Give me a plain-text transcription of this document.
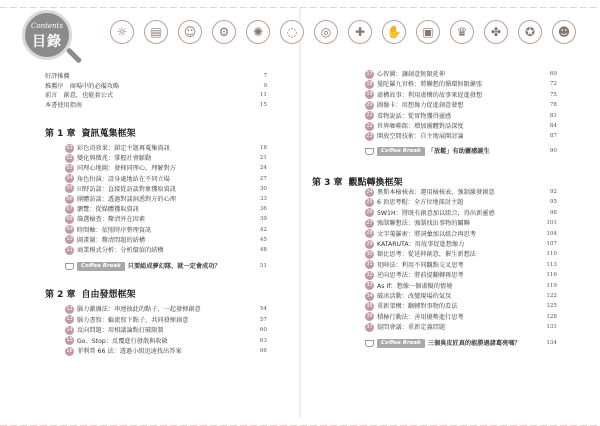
Contents
目錄
☼	▤	☺	⚙	✺	◌	◎	✚	✋	▣	♛	✤	✪	☻
好評推薦	7
推薦序　商場中的必備攻略	9
前言　創意，也能套公式	11
本書使用指南	15
第 1 章 資訊蒐集框架
01 彩色浴效果：鎖定主題再蒐集資訊	18
02 變化與徵兆：掌握社會脈動	21
03 同理心地圖：發揮同理心，理解對方	24
04 角色扮演：設身處地站在不同立場	27
05 田野訪談：直接從訪談對象獲取資訊	30
06 團體訪談：透過對談洞悉對方的心理	33
07 瀏覽：從媒體獲取資訊	36
08 篩選檢查：釐清外在因素	39
09 時間軸：依照時序整理資訊	42
10 圖畫圖：釐清問題的結構	45
11 商業模式分析：分析價值的結構	48
Coffee Break 只要組成夢幻隊，就一定會成功？	51
第 2 章 自由發想框架
12 腦力激盪法：串連彼此的點子，一起發揮創意	54
13 腦力書寫：輪流寫下點子，共同發揮創意	57
14 反向問題：用相議論點打破限制	60
15 Go、Stop：反覆進行發散與收斂	63
16 菲利普 66 法：透過小組迅速找出答案	66
17 心智圖：讓創意無限延伸	69
18 曼陀羅九宮格：將聯想的循環無限擴張	72
19 虛構故事：利用虛構的故事來促進發想	75
20 圖像卡：用想像力促進創意發想	78
21 看物說話：從實物獲得靈感	81
22 世界咖啡館：增加團體對話深度	84
23 開放空間技術：自主地展開討論	87
Coffee Break 「放鬆」有助靈感誕生	90
第 3 章 觀點轉換框架
24 奧斯本檢核表：運用檢核表，強制激發創意	92
25 6 頂思考帽：全方位地探討主題	95
26 5W1H：將既有創意加以組合，得出新靈感	98
27 強制聯想法：強制找出事物的關聯	101
28 文字蒐羅術：將詞彙加以組合再思考	104
29 KATARUTA：用故事促進想像力	107
30 類比思考：從延伸創意，催生新想法	110
31 矩陣法：利用不同觀點交叉思考	113
32 逆向思考法：將前提翻轉再思考	116
33 As If：想像一個虛擬的情境	119
34 破冰活動：改變現場的氣氛	122
35 重新架構：翻轉對事物的看法	125
36 積極行動法：善用優勢進行思考	128
37 提問會議：重新定義問題	131
Coffee Break 三個臭皮匠真的能勝過諸葛亮嗎？	134
